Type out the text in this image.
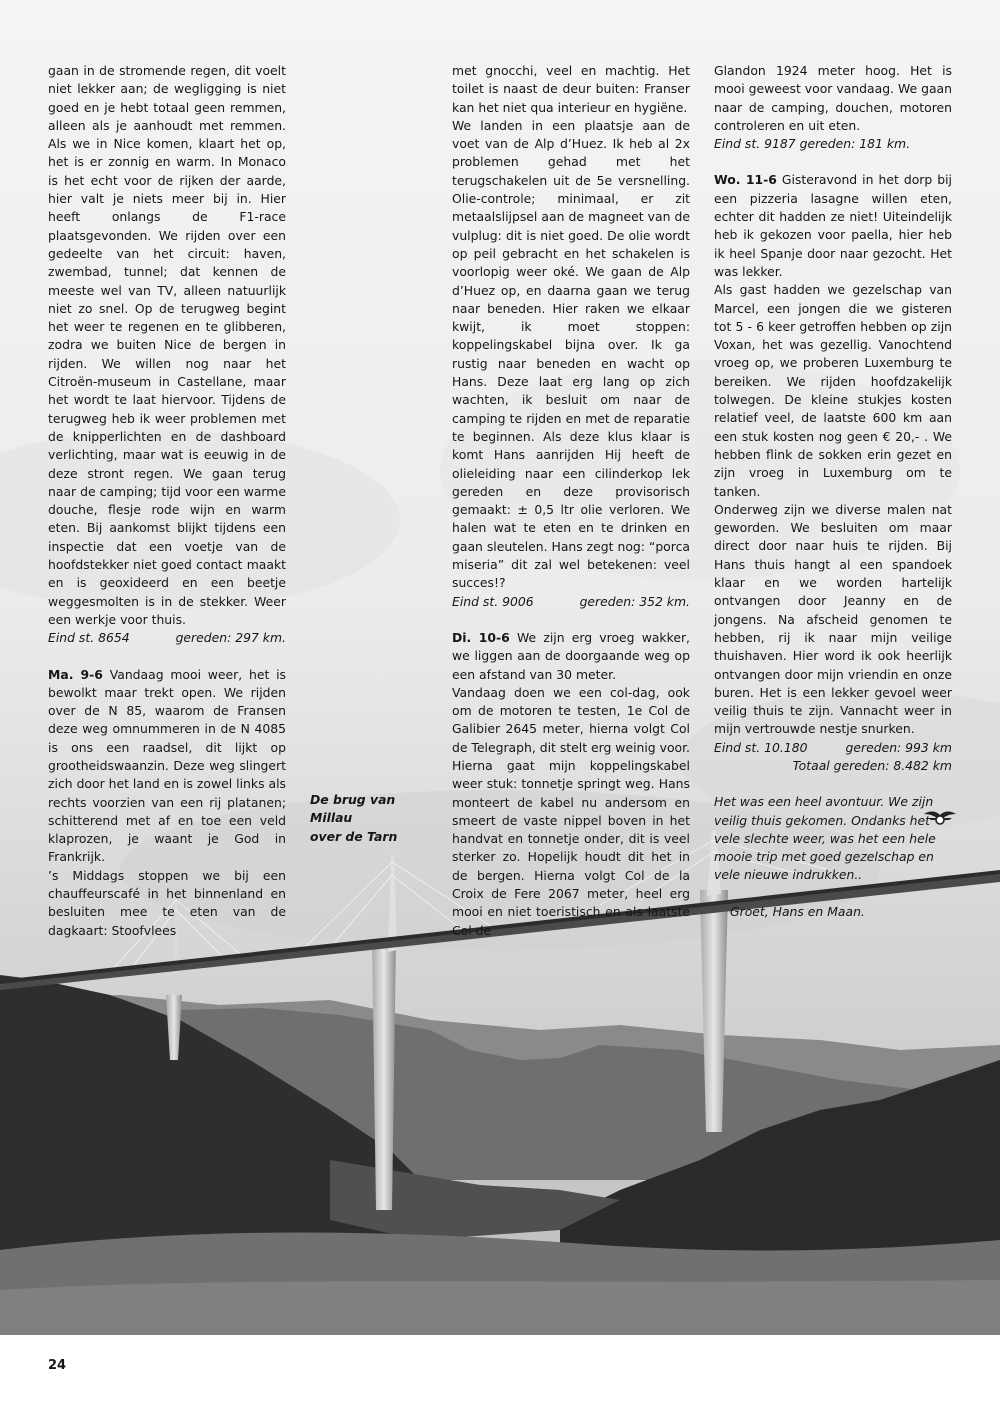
gaan in de stromende regen, dit voelt niet lekker aan; de wegligging is niet goed en je hebt totaal geen remmen, alleen als je aanhoudt met remmen. Als we in Nice komen, klaart het op, het is er zonnig en warm. In Monaco is het echt voor de rijken der aarde, hier valt je niets meer bij in. Hier heeft onlangs de F1-race plaatsgevonden. We rijden over een gedeelte van het circuit: haven, zwembad, tunnel; dat kennen de meeste wel van TV, alleen natuurlijk niet zo snel. Op de terugweg begint het weer te regenen en te glibberen, zodra we buiten Nice de bergen in rijden. We willen nog naar het Citroën-museum in Castellane, maar het wordt te laat hiervoor. Tijdens de terugweg heb ik weer problemen met de knipperlichten en de dashboard verlichting, maar wat is eeuwig in de deze stront regen. We gaan terug naar de camping; tijd voor een warme douche, flesje rode wijn en warm eten. Bij aankomst blijkt tijdens een inspectie dat een voetje van de hoofdstekker niet goed contact maakt en is geoxideerd en een beetje weggesmolten is in de stekker. Weer een werkje voor thuis.

Eind st. 8654	gereden: 297 km.

Ma. 9-6 Vandaag mooi weer, het is bewolkt maar trekt open. We rijden over de N 85, waarom de Fransen deze weg omnummeren in de N 4085 is ons een raadsel, dit lijkt op grootheidswaanzin. Deze weg slingert zich door het land en is zowel links als rechts voorzien van een rij platanen; schitterend met af en toe een veld klaprozen, je waant je God in Frankrijk.

’s Middags stoppen we bij een chauffeurscafé in het binnenland en besluiten mee te eten van de dagkaart: Stoofvlees

met gnocchi, veel en machtig. Het toilet is naast de deur buiten: Franser kan het niet qua interieur en hygiëne.

We landen in een plaatsje aan de voet van de Alp d’Huez. Ik heb al 2x problemen gehad met het terugschakelen uit de 5e versnelling. Olie-controle; minimaal, er zit metaalslijpsel aan de magneet van de vulplug: dit is niet goed. De olie wordt op peil gebracht en het schakelen is voorlopig weer oké. We gaan de Alp d’Huez op, en daarna gaan we terug naar beneden. Hier raken we elkaar kwijt, ik moet stoppen: koppelingskabel bijna over. Ik ga rustig naar beneden en wacht op Hans. Deze laat erg lang op zich wachten, ik besluit om naar de camping te rijden en met de reparatie te beginnen. Als deze klus klaar is komt Hans aanrijden Hij heeft de olieleiding naar een cilinderkop lek gereden en deze provisorisch gemaakt: ± 0,5 ltr olie verloren. We halen wat te eten en te drinken en gaan sleutelen. Hans zegt nog: “porca miseria” dit zal wel betekenen: veel succes!?

Eind st. 9006	gereden: 352 km.

Di. 10-6 We zijn erg vroeg wakker, we liggen aan de doorgaande weg op een afstand van 30 meter.

Vandaag doen we een col-dag, ook om de motoren te testen, 1e Col de Galibier 2645 meter, hierna volgt Col de Telegraph, dit stelt erg weinig voor. Hierna gaat mijn koppelingskabel weer stuk: tonnetje springt weg. Hans monteert de kabel nu andersom en smeert de vaste nippel boven in het handvat en tonnetje onder, dit is veel sterker zo. Hopelijk houdt dit het in de bergen. Hierna volgt Col de la Croix de Fere 2067 meter, heel erg mooi en niet toeristisch en als laatste Col de

Glandon 1924 meter hoog. Het is mooi geweest voor vandaag. We gaan naar de camping, douchen, motoren controleren en uit eten.

Eind st. 9187 gereden: 181 km.

Wo. 11-6 Gisteravond in het dorp bij een pizzeria lasagne willen eten, echter dit hadden ze niet! Uiteindelijk heb ik gekozen voor paella, hier heb ik heel Spanje door naar gezocht. Het was lekker.

Als gast hadden we gezelschap van Marcel, een jongen die we gisteren tot 5 - 6 keer getroffen hebben op zijn Voxan, het was gezellig. Vanochtend vroeg op, we proberen Luxemburg te bereiken. We rijden hoofdzakelijk tolwegen. De kleine stukjes kosten relatief veel, de laatste 600 km aan een stuk kosten nog geen € 20,- . We hebben flink de sokken erin gezet en zijn vroeg in Luxemburg om te tanken.

Onderweg zijn we diverse malen nat geworden. We besluiten om maar direct door naar huis te rijden. Bij Hans thuis hangt al een spandoek klaar en we worden hartelijk ontvangen door Jeanny en de jongens. Na afscheid genomen te hebben, rij ik naar mijn veilige thuishaven. Hier word ik ook heerlijk ontvangen door mijn vriendin en onze buren. Het is een lekker gevoel weer veilig thuis te zijn. Vannacht weer in mijn vertrouwde nestje snurken.

Eind st. 10.180	gereden: 993 km
Totaal gereden: 8.482 km

Het was een heel avontuur. We zijn veilig thuis gekomen. Ondanks het vele slechte weer, was het een hele mooie trip met goed gezelschap en vele nieuwe indrukken..

Groet, Hans en Maan.

De brug van Millau
over de Tarn
24
